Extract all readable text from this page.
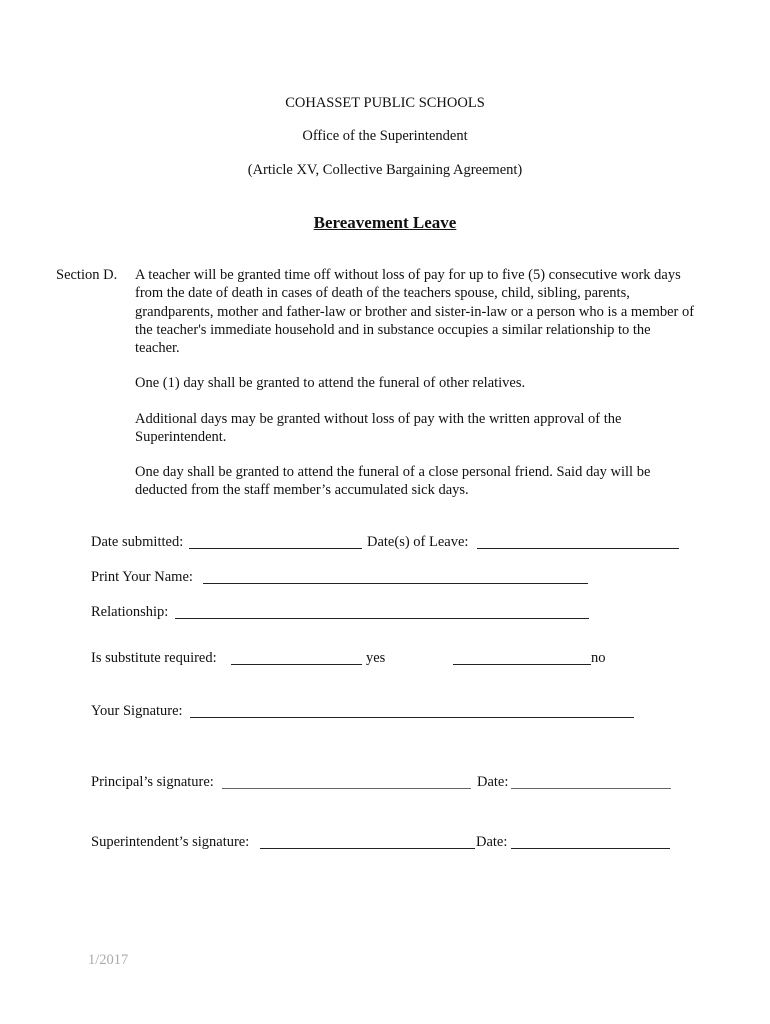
COHASSET PUBLIC SCHOOLS
Office of the Superintendent
(Article XV, Collective Bargaining Agreement)
Bereavement Leave
Section D. A teacher will be granted time off without loss of pay for up to five (5) consecutive work days from the date of death in cases of death of the teachers spouse, child, sibling, parents, grandparents, mother and father-law or brother and sister-in-law or a person who is a member of the teacher's immediate household and in substance occupies a similar relationship to the teacher.
One (1) day shall be granted to attend the funeral of other relatives.
Additional days may be granted without loss of pay with the written approval of the Superintendent.
One day shall be granted to attend the funeral of a close personal friend. Said day will be deducted from the staff member’s accumulated sick days.
Date submitted:	Date(s) of Leave:
Print Your Name:
Relationship:
Is substitute required:	yes	no
Your Signature:
Principal’s signature:	Date:
Superintendent’s signature:	Date:
1/2017
